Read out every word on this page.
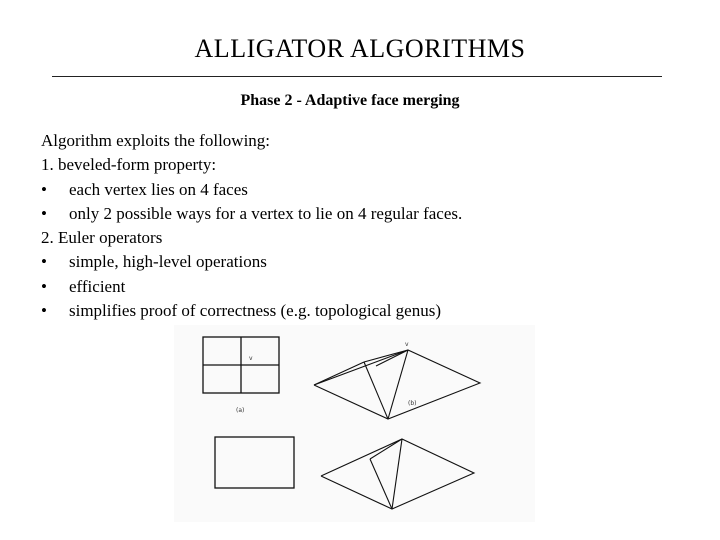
ALLIGATOR ALGORITHMS
Phase 2 - Adaptive face merging
Algorithm exploits the following:
1. beveled-form property:
• each vertex lies on 4 faces
• only 2 possible ways for a vertex to lie on 4 regular faces.
2. Euler operators
• simple, high-level operations
• efficient
• simplifies proof of correctness (e.g. topological genus)
v
v
(a)
(b)
